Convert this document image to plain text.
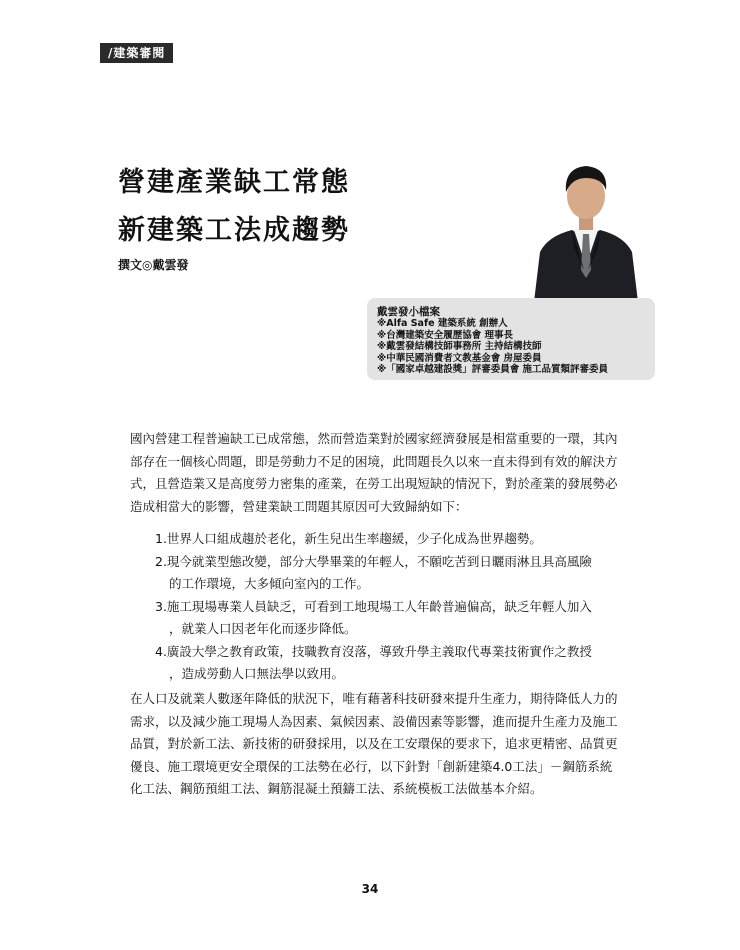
/建築審閱
營建產業缺工常態
新建築工法成趨勢
撰文◎戴雲發
戴雲發小檔案
※Alfa Safe 建築系統 創辦人
※台灣建築安全履歷協會 理事長
※戴雲發結構技師事務所 主持結構技師
※中華民國消費者文教基金會 房屋委員
※「國家卓越建設獎」評審委員會 施工品質類評審委員

國內營建工程普遍缺工已成常態，然而營造業對於國家經濟發展是相當重要的一環，其內部存在一個核心問題，即是勞動力不足的困境，此問題長久以來一直未得到有效的解決方式，且營造業又是高度勞力密集的產業，在勞工出現短缺的情況下，對於產業的發展勢必造成相當大的影響，營建業缺工問題其原因可大致歸納如下：

1.世界人口組成趨於老化，新生兒出生率趨緩，少子化成為世界趨勢。
2.現今就業型態改變，部分大學畢業的年輕人，不願吃苦到日曬雨淋且具高風險
的工作環境，大多傾向室內的工作。
3.施工現場專業人員缺乏，可看到工地現場工人年齡普遍偏高，缺乏年輕人加入
，就業人口因老年化而逐步降低。
4.廣設大學之教育政策，技職教育沒落，導致升學主義取代專業技術實作之教授
，造成勞動人口無法學以致用。

在人口及就業人數逐年降低的狀況下，唯有藉著科技研發來提升生產力，期待降低人力的需求，以及減少施工現場人為因素、氣候因素、設備因素等影響，進而提升生產力及施工品質，對於新工法、新技術的研發採用，以及在工安環保的要求下，追求更精密、品質更優良、施工環境更安全環保的工法勢在必行，以下針對「創新建築4.0工法」－鋼筋系統化工法、鋼筋預組工法、鋼筋混凝土預鑄工法、系統模板工法做基本介紹。

34
